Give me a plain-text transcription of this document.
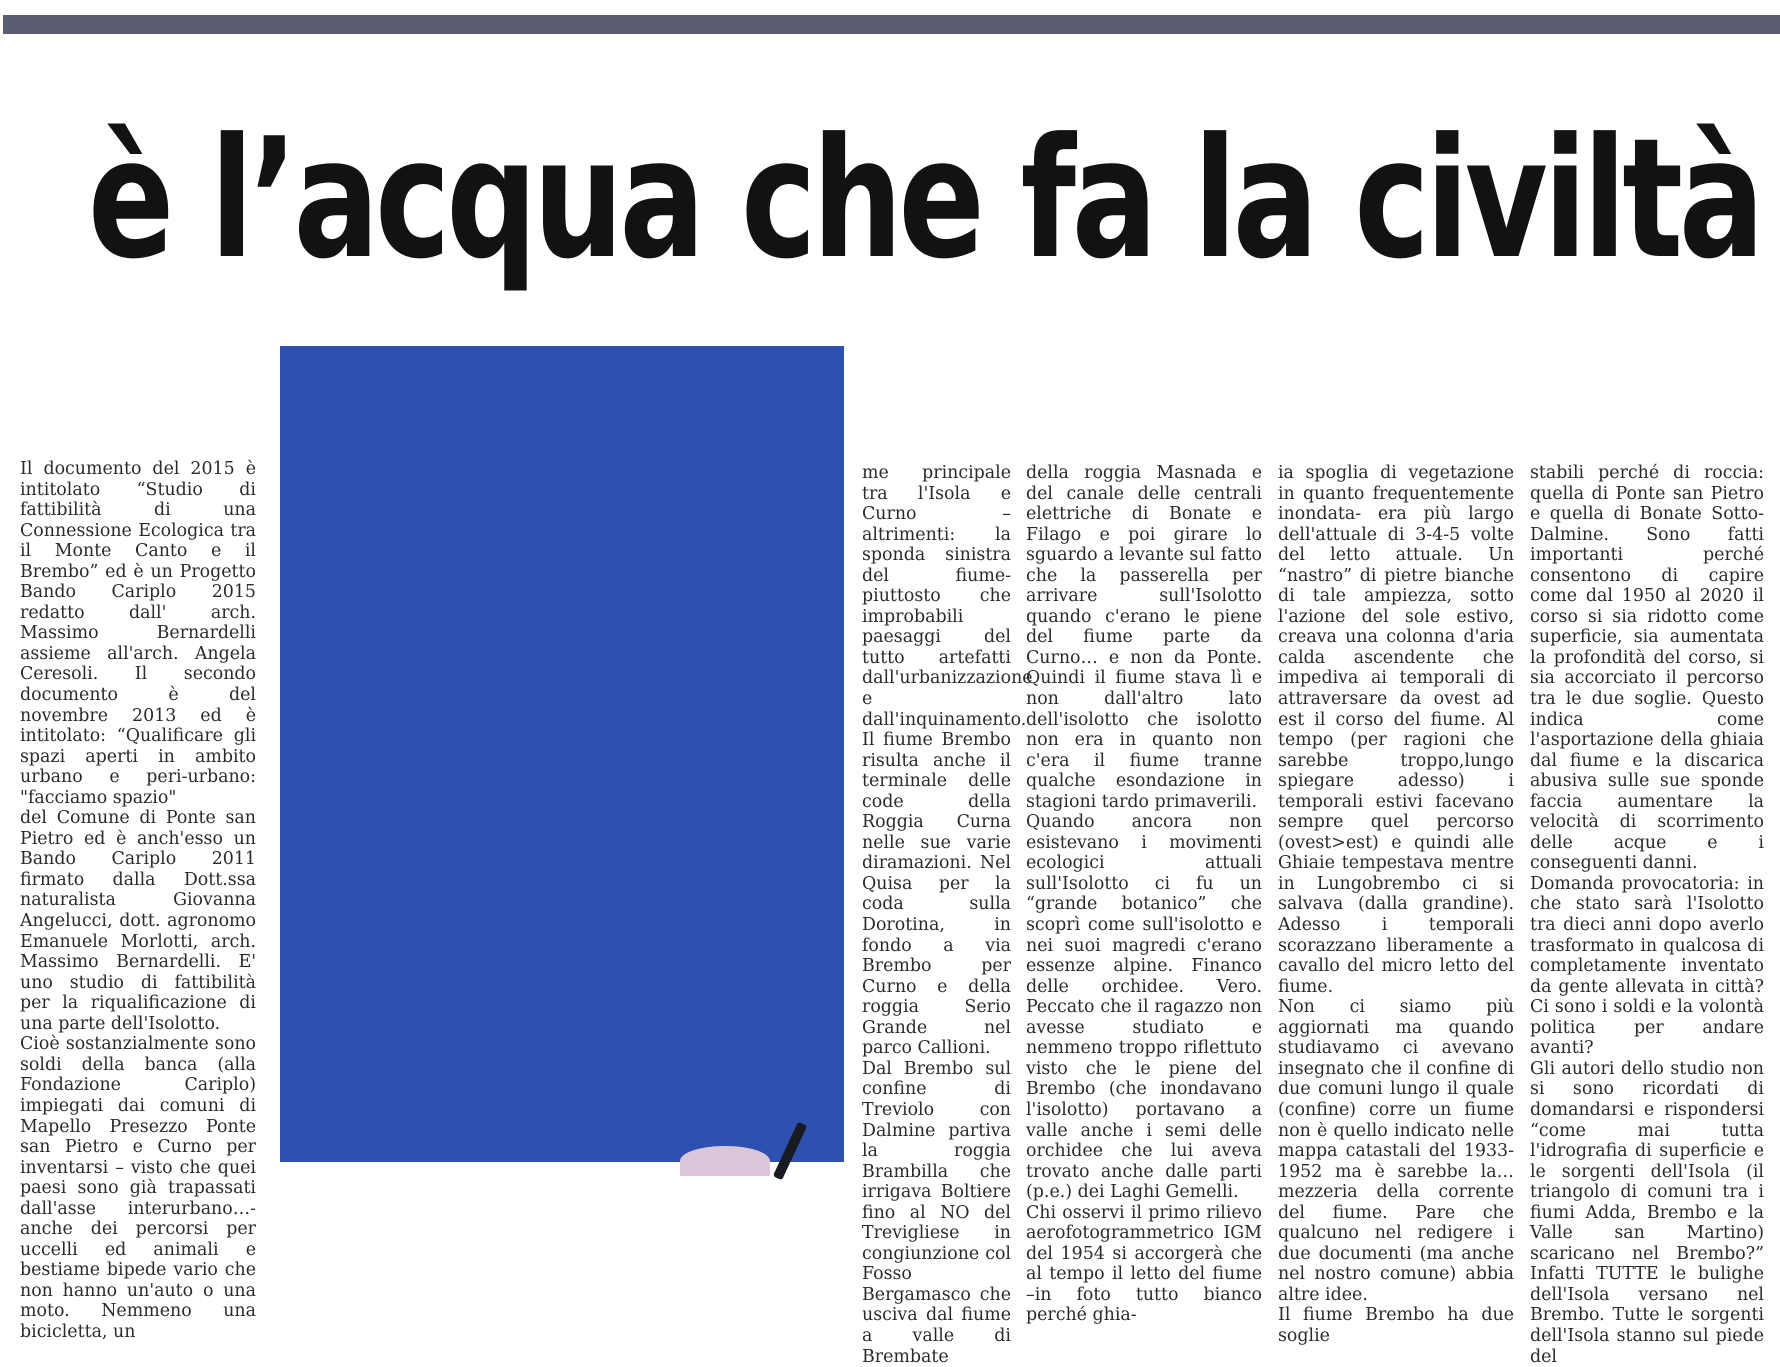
è l’acqua che fa la civiltà

Il documento del 2015 è intitolato “Studio di fattibilità di una Connessione Ecologica tra il Monte Canto e il Brembo” ed è un Progetto Bando Cariplo 2015 redatto dall' arch. Massimo Bernardelli assieme all'arch. Angela Ceresoli. Il secondo documento è del novembre 2013 ed è intitolato: “Qualificare gli spazi aperti in ambito urbano e peri-urbano: "facciamo spazio"

del Comune di Ponte san Pietro ed è anch'esso un Bando Cariplo 2011 firmato dalla Dott.ssa naturalista Giovanna Angelucci, dott. agronomo Emanuele Morlotti, arch. Massimo Bernardelli. E' uno studio di fattibilità per la riqualificazione di una parte dell'Isolotto.

Cioè sostanzialmente sono soldi della banca (alla Fondazione Cariplo) impiegati dai comuni di Mapello Presezzo Ponte san Pietro e Curno per inventarsi – visto che quei paesi sono già trapassati dall'asse interurbano…- anche dei percorsi per uccelli ed animali e bestiame bipede vario che non hanno un'auto o una moto. Nemmeno una bicicletta, un

me principale tra l'Isola e Curno –altrimenti: la sponda sinistra del fiume- piuttosto che improbabili paesaggi del tutto artefatti dall'urbanizzazione e dall'inquinamento.

Il fiume Brembo risulta anche il terminale delle code della Roggia Curna nelle sue varie diramazioni. Nel Quisa per la coda sulla Dorotina, in fondo a via Brembo per Curno e della roggia Serio Grande nel parco Callioni.

Dal Brembo sul confine di Treviolo con Dalmine partiva la roggia Brambilla che irrigava Boltiere fino al NO del Trevigliese in congiunzione col Fosso Bergamasco che usciva dal fiume a valle di Brembate

della roggia Masnada e del canale delle centrali elettriche di Bonate e Filago e poi girare lo sguardo a levante sul fatto che la passerella per arrivare sull'Isolotto quando c'erano le piene del fiume parte da Curno… e non da Ponte. Quindi il fiume stava lì e non dall'altro lato dell'isolotto che isolotto non era in quanto non c'era il fiume tranne qualche esondazione in stagioni tardo primaverili.

Quando ancora non esistevano i movimenti ecologici attuali sull'Isolotto ci fu un “grande botanico” che scoprì come sull'isolotto e nei suoi magredi c'erano essenze alpine. Financo delle orchidee. Vero. Peccato che il ragazzo non avesse studiato e nemmeno troppo riflettuto visto che le piene del Brembo (che inondavano l'isolotto) portavano a valle anche i semi delle orchidee che lui aveva trovato anche dalle parti (p.e.) dei Laghi Gemelli.

Chi osservi il primo rilievo aerofotogrammetrico IGM del 1954 si accorgerà che al tempo il letto del fiume –in foto tutto bianco perché ghia-

ia spoglia di vegetazione in quanto frequentemente inondata- era più largo dell'attuale di 3-4-5 volte del letto attuale. Un “nastro” di pietre bianche di tale ampiezza, sotto l'azione del sole estivo, creava una colonna d'aria calda ascendente che impediva ai temporali di attraversare da ovest ad est il corso del fiume. Al tempo (per ragioni che sarebbe troppo,lungo spiegare adesso) i temporali estivi facevano sempre quel percorso (ovest>est) e quindi alle Ghiaie tempestava mentre in Lungobrembo ci si salvava (dalla grandine). Adesso i temporali scorazzano liberamente a cavallo del micro letto del fiume.

Non ci siamo più aggiornati ma quando studiavamo ci avevano insegnato che il confine di due comuni lungo il quale (confine) corre un fiume non è quello indicato nelle mappa catastali del 1933-1952 ma è sarebbe la… mezzeria della corrente del fiume. Pare che qualcuno nel redigere i due documenti (ma anche nel nostro comune) abbia altre idee.

Il fiume Brembo ha due soglie

stabili perché di roccia: quella di Ponte san Pietro e quella di Bonate Sotto-Dalmine. Sono fatti importanti perché consentono di capire come dal 1950 al 2020 il corso si sia ridotto come superficie, sia aumentata la profondità del corso, si sia accorciato il percorso tra le due soglie. Questo indica come l'asportazione della ghiaia dal fiume e la discarica abusiva sulle sue sponde faccia aumentare la velocità di scorrimento delle acque e i conseguenti danni.

Domanda provocatoria: in che stato sarà l'Isolotto tra dieci anni dopo averlo trasformato in qualcosa di completamente inventato da gente allevata in città? Ci sono i soldi e la volontà politica per andare avanti?

Gli autori dello studio non si sono ricordati di domandarsi e rispondersi “come mai tutta l'idrografia di superficie e le sorgenti dell'Isola (il triangolo di comuni tra i fiumi Adda, Brembo e la Valle san Martino) scaricano nel Brembo?” Infatti TUTTE le bulighe dell'Isola versano nel Brembo. Tutte le sorgenti dell'Isola stanno sul piede del
